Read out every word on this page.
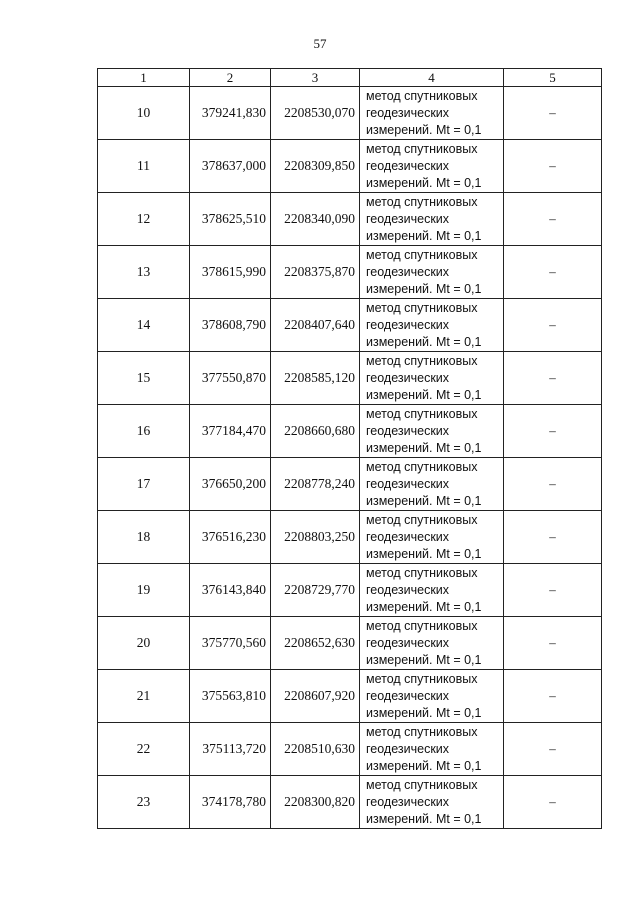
57
1	2	3	4	5
10	379241,830	2208530,070	метод спутниковых
геодезических
измерений. Mt = 0,1	–
11	378637,000	2208309,850	метод спутниковых
геодезических
измерений. Mt = 0,1	–
12	378625,510	2208340,090	метод спутниковых
геодезических
измерений. Mt = 0,1	–
13	378615,990	2208375,870	метод спутниковых
геодезических
измерений. Mt = 0,1	–
14	378608,790	2208407,640	метод спутниковых
геодезических
измерений. Mt = 0,1	–
15	377550,870	2208585,120	метод спутниковых
геодезических
измерений. Mt = 0,1	–
16	377184,470	2208660,680	метод спутниковых
геодезических
измерений. Mt = 0,1	–
17	376650,200	2208778,240	метод спутниковых
геодезических
измерений. Mt = 0,1	–
18	376516,230	2208803,250	метод спутниковых
геодезических
измерений. Mt = 0,1	–
19	376143,840	2208729,770	метод спутниковых
геодезических
измерений. Mt = 0,1	–
20	375770,560	2208652,630	метод спутниковых
геодезических
измерений. Mt = 0,1	–
21	375563,810	2208607,920	метод спутниковых
геодезических
измерений. Mt = 0,1	–
22	375113,720	2208510,630	метод спутниковых
геодезических
измерений. Mt = 0,1	–
23	374178,780	2208300,820	метод спутниковых
геодезических
измерений. Mt = 0,1	–
